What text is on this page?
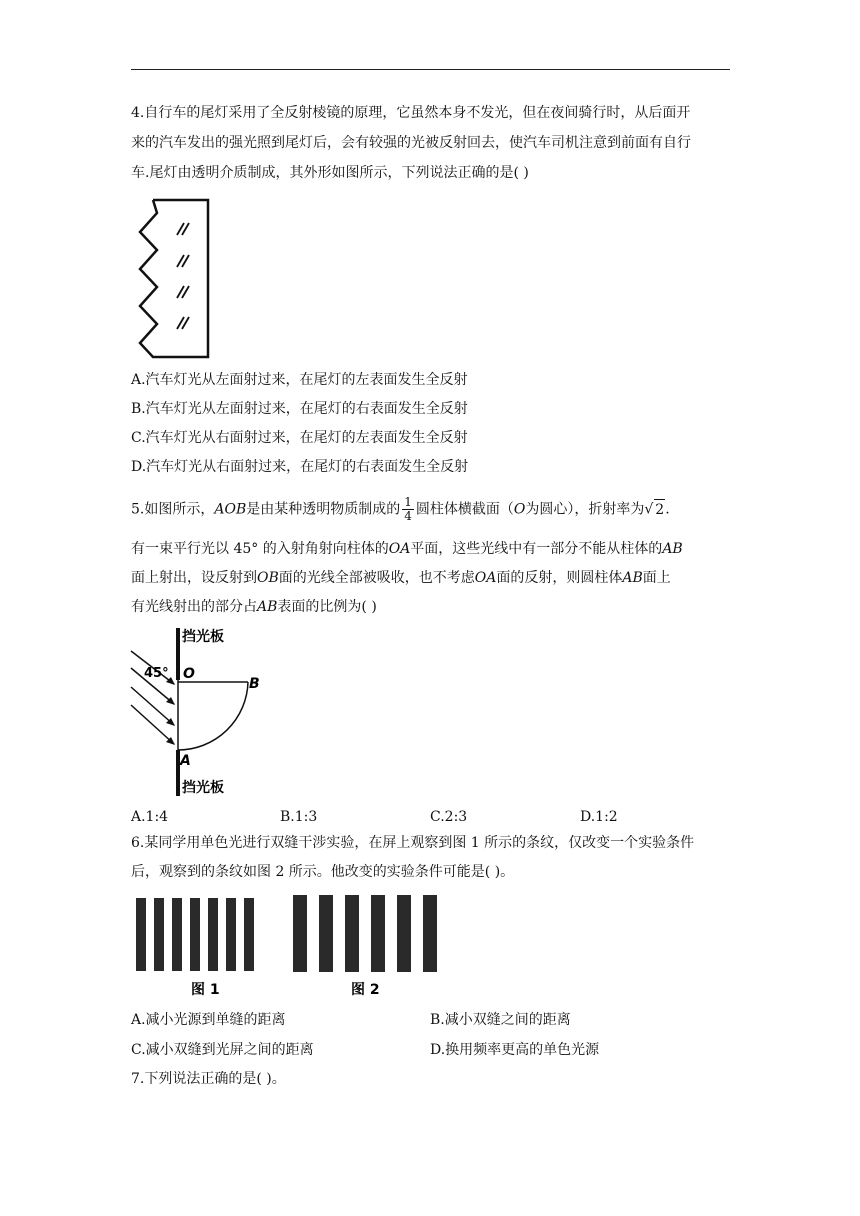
4.自行车的尾灯采用了全反射棱镜的原理，它虽然本身不发光，但在夜间骑行时，从后面开
来的汽车发出的强光照到尾灯后，会有较强的光被反射回去，使汽车司机注意到前面有自行
车.尾灯由透明介质制成，其外形如图所示，下列说法正确的是( )
A.汽车灯光从左面射过来，在尾灯的左表面发生全反射
B.汽车灯光从左面射过来，在尾灯的右表面发生全反射
C.汽车灯光从右面射过来，在尾灯的左表面发生全反射
D.汽车灯光从右面射过来，在尾灯的右表面发生全反射
5.如图所示，AOB是由某种透明物质制成的 $\frac{1}{4}$ 圆柱体横截面（O为圆心），折射率为√ 2.
有一束平行光以 45° 的入射角射向柱体的OA平面，这些光线中有一部分不能从柱体的AB
面上射出，设反射到OB面的光线全部被吸收，也不考虑OA面的反射，则圆柱体AB面上
有光线射出的部分占AB表面的比例为( )
挡光板
45° O
B
A
挡光板
A.1:4	B.1:3	C.2:3	D.1:2
6.某同学用单色光进行双缝干涉实验，在屏上观察到图 1 所示的条纹，仅改变一个实验条件
后，观察到的条纹如图 2 所示。他改变的实验条件可能是( )。
图 1	图 2
A.减小光源到单缝的距离	B.减小双缝之间的距离
C.减小双缝到光屏之间的距离	D.换用频率更高的单色光源
7.下列说法正确的是( )。
